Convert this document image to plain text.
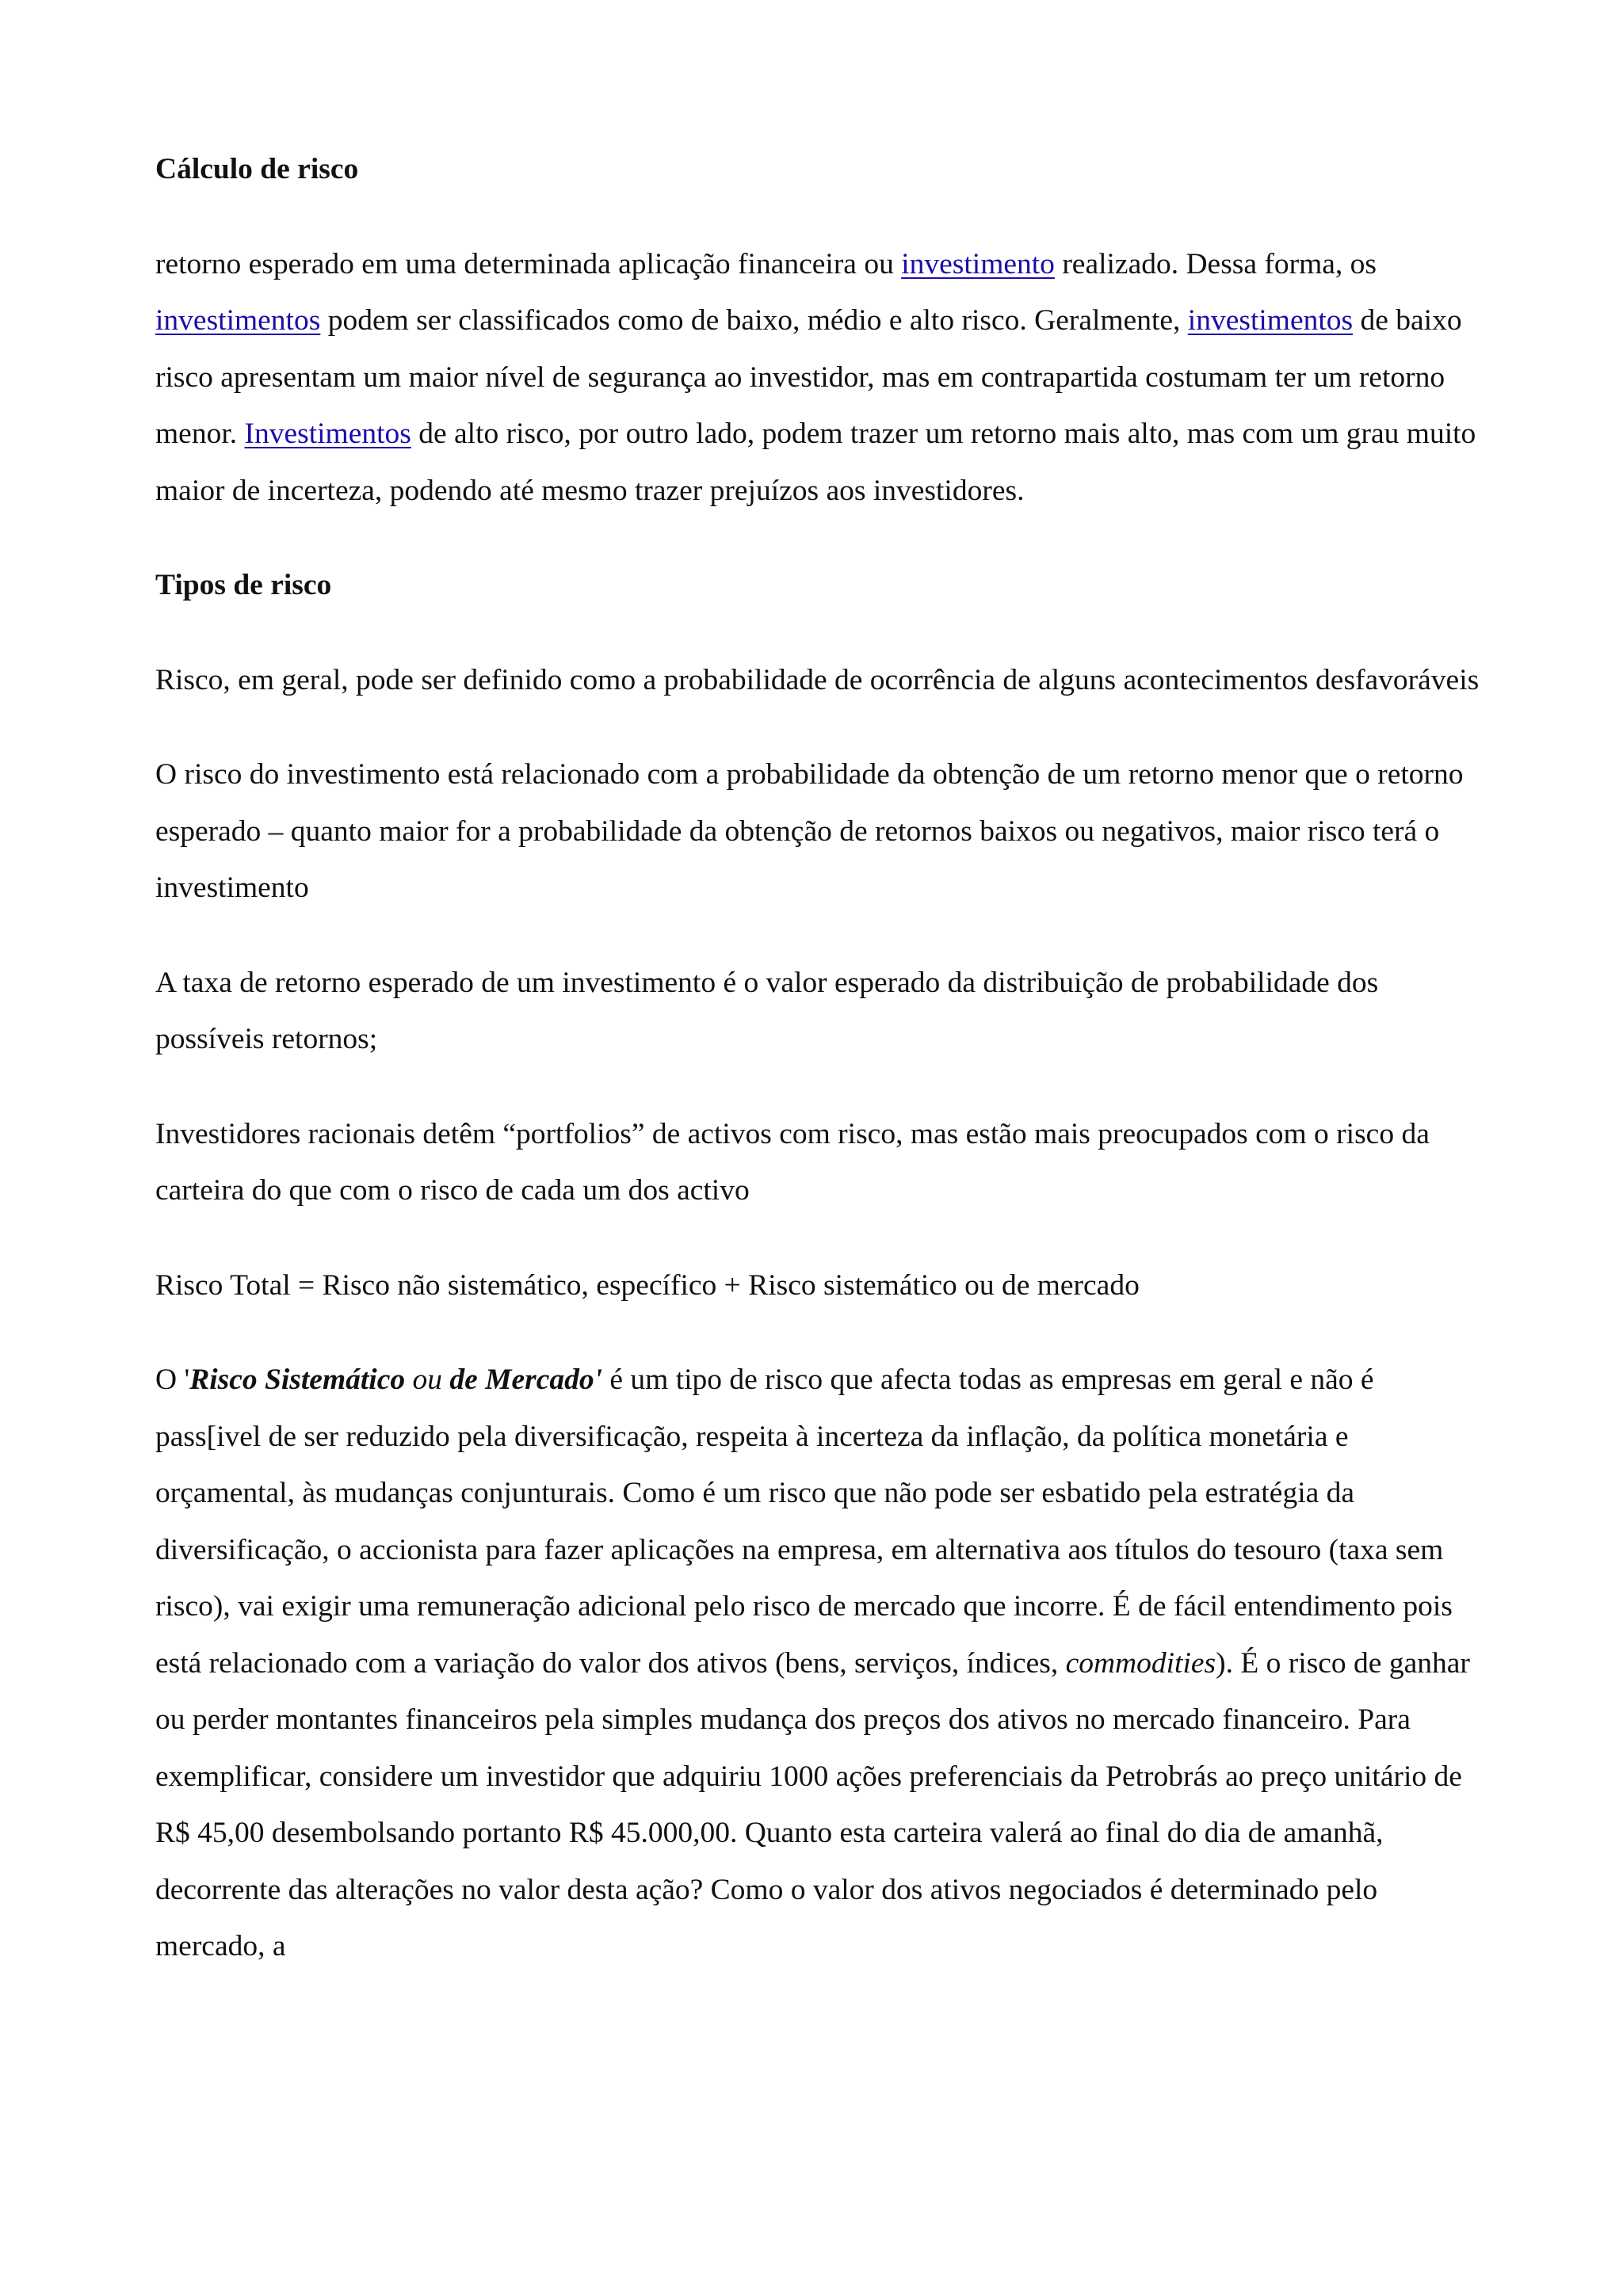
Cálculo de risco

retorno esperado em uma determinada aplicação financeira ou investimento realizado. Dessa forma, os investimentos podem ser classificados como de baixo, médio e alto risco. Geralmente, investimentos de baixo risco apresentam um maior nível de segurança ao investidor, mas em contrapartida costumam ter um retorno menor. Investimentos de alto risco, por outro lado, podem trazer um retorno mais alto, mas com um grau muito maior de incerteza, podendo até mesmo trazer prejuízos aos investidores.

Tipos de risco

Risco, em geral, pode ser definido como a probabilidade de ocorrência de alguns acontecimentos desfavoráveis

O risco do investimento está relacionado com a probabilidade da obtenção de um retorno menor que o retorno esperado – quanto maior for a probabilidade da obtenção de retornos baixos ou negativos, maior risco terá o investimento

A taxa de retorno esperado de um investimento é o valor esperado da distribuição de probabilidade dos possíveis retornos;

Investidores racionais detêm “portfolios” de activos com risco, mas estão mais preocupados com o risco da carteira do que com o risco de cada um dos activo

Risco Total = Risco não sistemático, específico + Risco sistemático ou de mercado

O 'Risco Sistemático ou de Mercado' é um tipo de risco que afecta todas as empresas em geral e não é pass[ivel de ser reduzido pela diversificação, respeita à incerteza da inflação, da política monetária e orçamental, às mudanças conjunturais. Como é um risco que não pode ser esbatido pela estratégia da diversificação, o accionista para fazer aplicações na empresa, em alternativa aos títulos do tesouro (taxa sem risco), vai exigir uma remuneração adicional pelo risco de mercado que incorre. É de fácil entendimento pois está relacionado com a variação do valor dos ativos (bens, serviços, índices, commodities). É o risco de ganhar ou perder montantes financeiros pela simples mudança dos preços dos ativos no mercado financeiro. Para exemplificar, considere um investidor que adquiriu 1000 ações preferenciais da Petrobrás ao preço unitário de R$ 45,00 desembolsando portanto R$ 45.000,00. Quanto esta carteira valerá ao final do dia de amanhã, decorrente das alterações no valor desta ação? Como o valor dos ativos negociados é determinado pelo mercado, a
